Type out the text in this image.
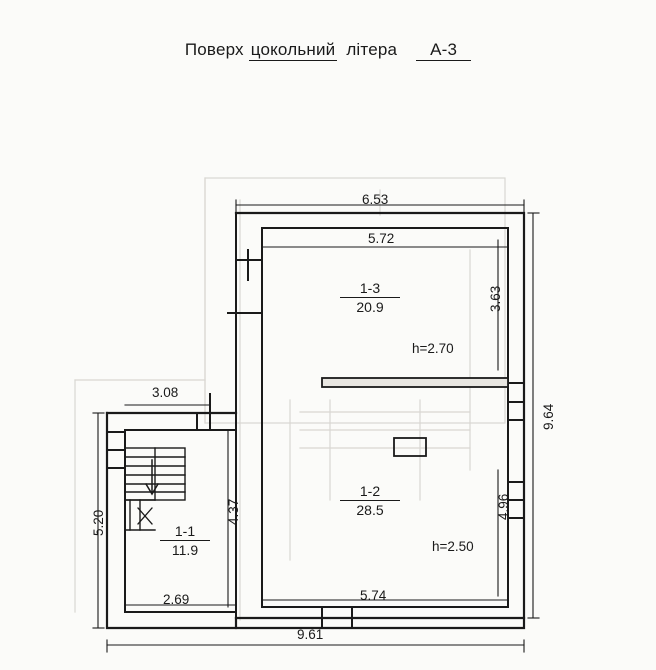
Поверх цокольний літера А-3
6.53
5.72
3.63
9.64
4.96
3.08
5.20	4.37
2.69	5.74
9.61
1-3
20.9
h=2.70
1-2
28.5
h=2.50
1-1
11.9
